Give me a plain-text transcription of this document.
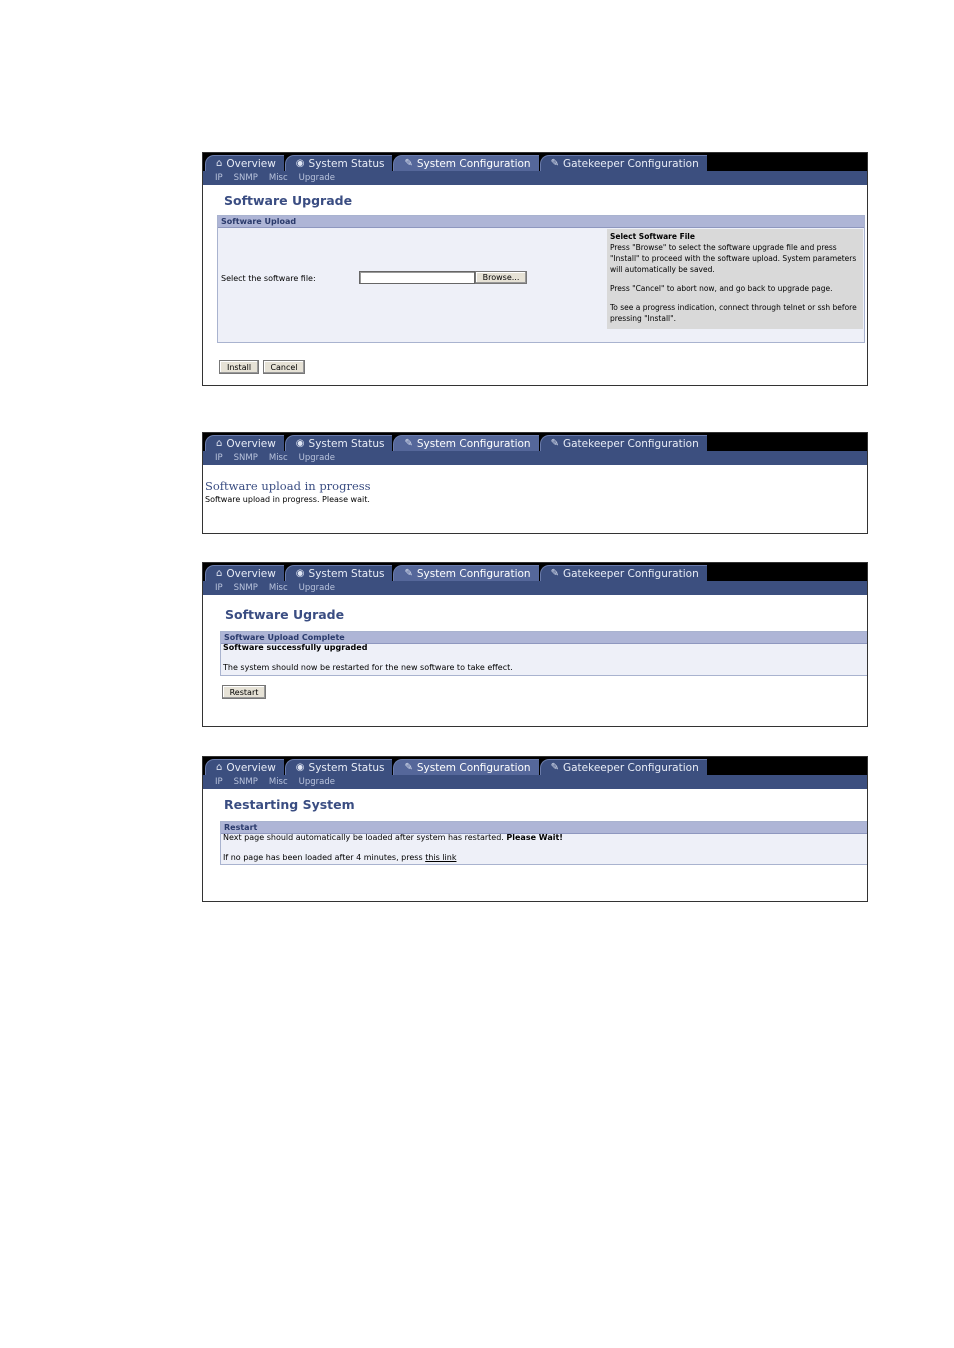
⌂ Overview ◉ System Status ✎ System Configuration ✎ Gatekeeper Configuration
IP SNMP Misc Upgrade
Software Upgrade
Software Upload
Select the software file:	Browse...
Select Software File

Press "Browse" to select the software upgrade file and press "Install" to proceed with the software upload. System parameters will automatically be saved.

Press "Cancel" to abort now, and go back to upgrade page.

To see a progress indication, connect through telnet or ssh before pressing "Install".

Install	Cancel
⌂ Overview ◉ System Status ✎ System Configuration ✎ Gatekeeper Configuration
IP SNMP Misc Upgrade
Software upload in progress
Software upload in progress. Please wait.
⌂ Overview ◉ System Status ✎ System Configuration ✎ Gatekeeper Configuration
IP SNMP Misc Upgrade
Software Ugrade
Software Upload Complete
Software successfully upgraded
The system should now be restarted for the new software to take effect.
Restart
⌂ Overview ◉ System Status ✎ System Configuration ✎ Gatekeeper Configuration
IP SNMP Misc Upgrade
Restarting System
Restart
Next page should automatically be loaded after system has restarted. Please Wait!
If no page has been loaded after 4 minutes, press this link
